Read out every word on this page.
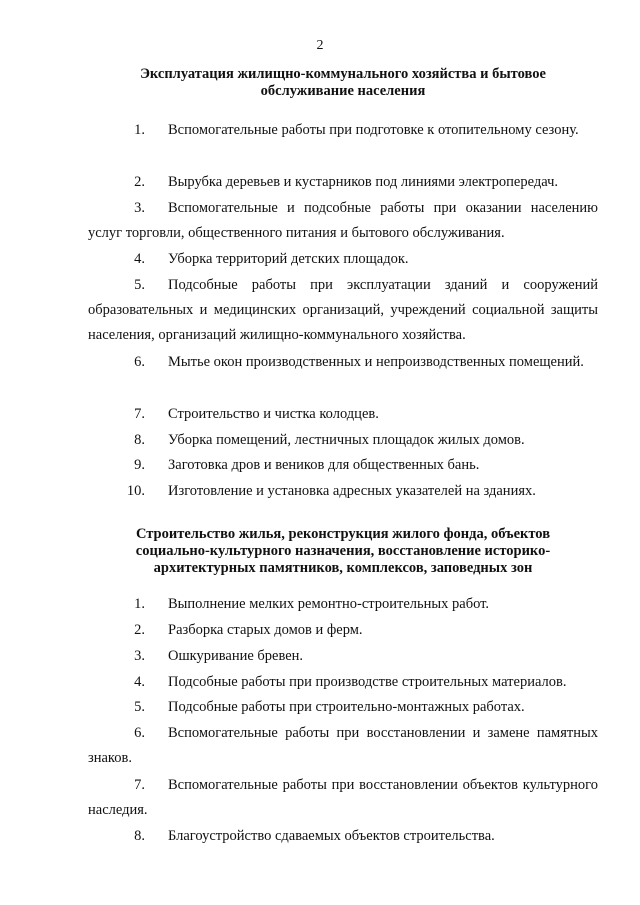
2
Эксплуатация жилищно-коммунального хозяйства и бытовое
обслуживание населения
1.	Вспомогательные работы при подготовке к отопительному сезону.
2.	Вырубка деревьев и кустарников под линиями электропередач.
3.	Вспомогательные и подсобные работы при оказании населению услуг торговли, общественного питания и бытового обслуживания.
4.	Уборка территорий детских площадок.
5.	Подсобные работы при эксплуатации зданий и сооружений образовательных и медицинских организаций, учреждений социальной защиты населения, организаций жилищно-коммунального хозяйства.
6.	Мытье окон производственных и непроизводственных помещений.
7.	Строительство и чистка колодцев.
8.	Уборка помещений, лестничных площадок жилых домов.
9.	Заготовка дров и веников для общественных бань.
10.	Изготовление и установка адресных указателей на зданиях.
Строительство жилья, реконструкция жилого фонда, объектов
социально-культурного назначения, восстановление историко-
архитектурных памятников, комплексов, заповедных зон
1.	Выполнение мелких ремонтно-строительных работ.
2.	Разборка старых домов и ферм.
3.	Ошкуривание бревен.
4.	Подсобные работы при производстве строительных материалов.
5.	Подсобные работы при строительно-монтажных работах.
6.	Вспомогательные работы при восстановлении и замене памятных знаков.
7.	Вспомогательные работы при восстановлении объектов культурного наследия.
8.	Благоустройство сдаваемых объектов строительства.
